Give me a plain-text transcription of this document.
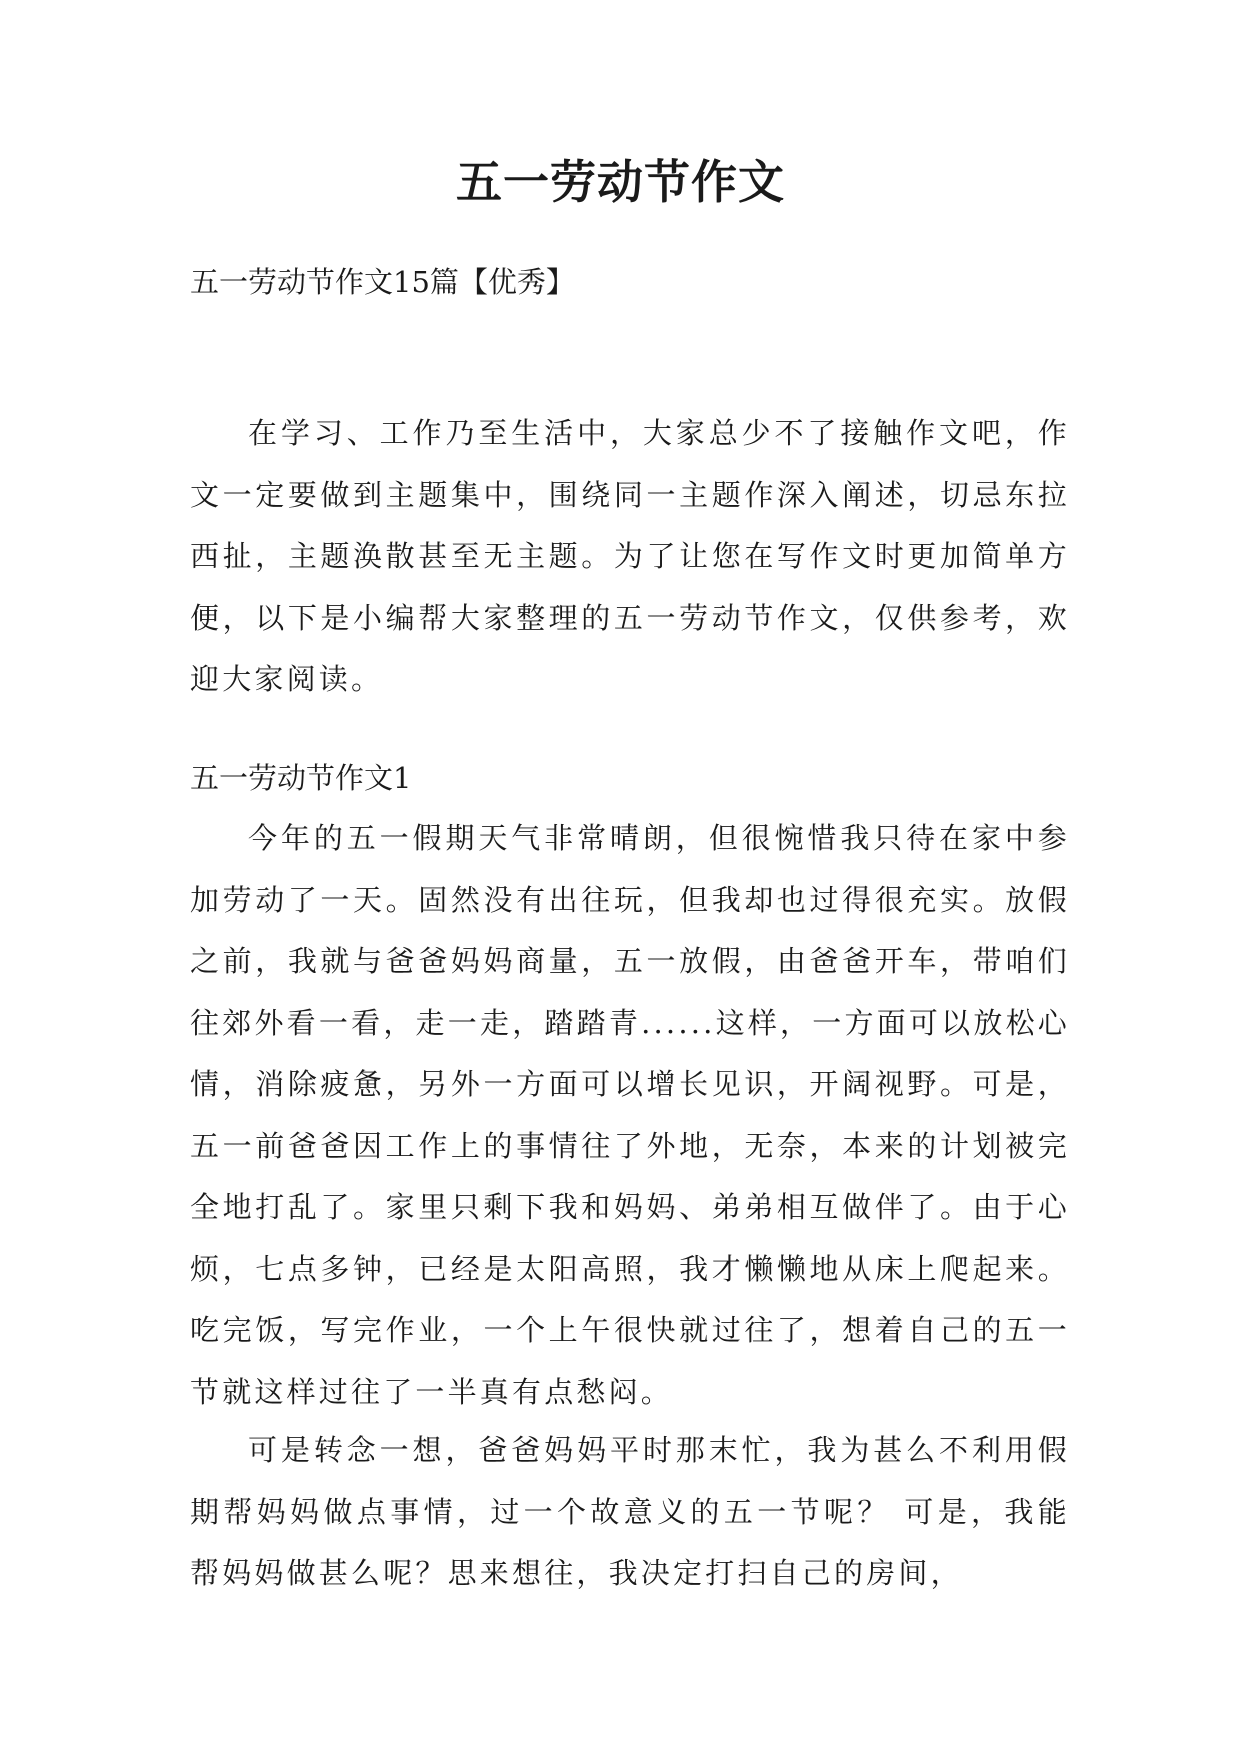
五一劳动节作文

五一劳动节作文15篇【优秀】

在学习、工作乃至生活中，大家总少不了接触作文吧，作文一定要做到主题集中，围绕同一主题作深入阐述，切忌东拉西扯，主题涣散甚至无主题。为了让您在写作文时更加简单方便，以下是小编帮大家整理的五一劳动节作文，仅供参考，欢迎大家阅读。

五一劳动节作文1

今年的五一假期天气非常晴朗，但很惋惜我只待在家中参加劳动了一天。固然没有出往玩，但我却也过得很充实。放假之前，我就与爸爸妈妈商量，五一放假，由爸爸开车，带咱们往郊外看一看，走一走，踏踏青......这样，一方面可以放松心情，消除疲惫，另外一方面可以增长见识，开阔视野。可是，五一前爸爸因工作上的事情往了外地，无奈，本来的计划被完全地打乱了。家里只剩下我和妈妈、弟弟相互做伴了。由于心烦，七点多钟，已经是太阳高照，我才懒懒地从床上爬起来。吃完饭，写完作业，一个上午很快就过往了，想着自己的五一节就这样过往了一半真有点愁闷。

可是转念一想，爸爸妈妈平时那末忙，我为甚么不利用假期帮妈妈做点事情，过一个故意义的五一节呢？ 可是，我能帮妈妈做甚么呢？思来想往，我决定打扫自己的房间，
